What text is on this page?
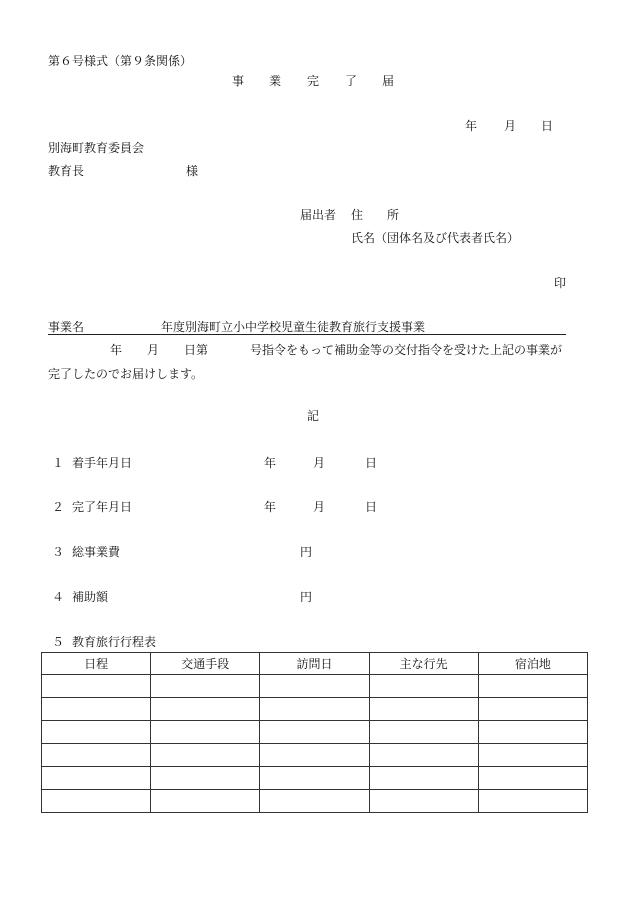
第６号様式（第９条関係）
事 業 完 了 届
年 月 日
別海町教育委員会
教育長	様
届出者 住　　所
氏名（団体名及び代表者氏名）
印
事業名	年度別海町立小中学校児童生徒教育旅行支援事業
年 月 日第	号指令をもって補助金等の交付指令を受けた上記の事業が
完了したのでお届けします。
記
１ 着手年月日	年	月	日
２ 完了年月日	年	月	日
３ 総事業費	円
４ 補助額	円
５ 教育旅行行程表
日程	交通手段	訪問日	主な行先	宿泊地
